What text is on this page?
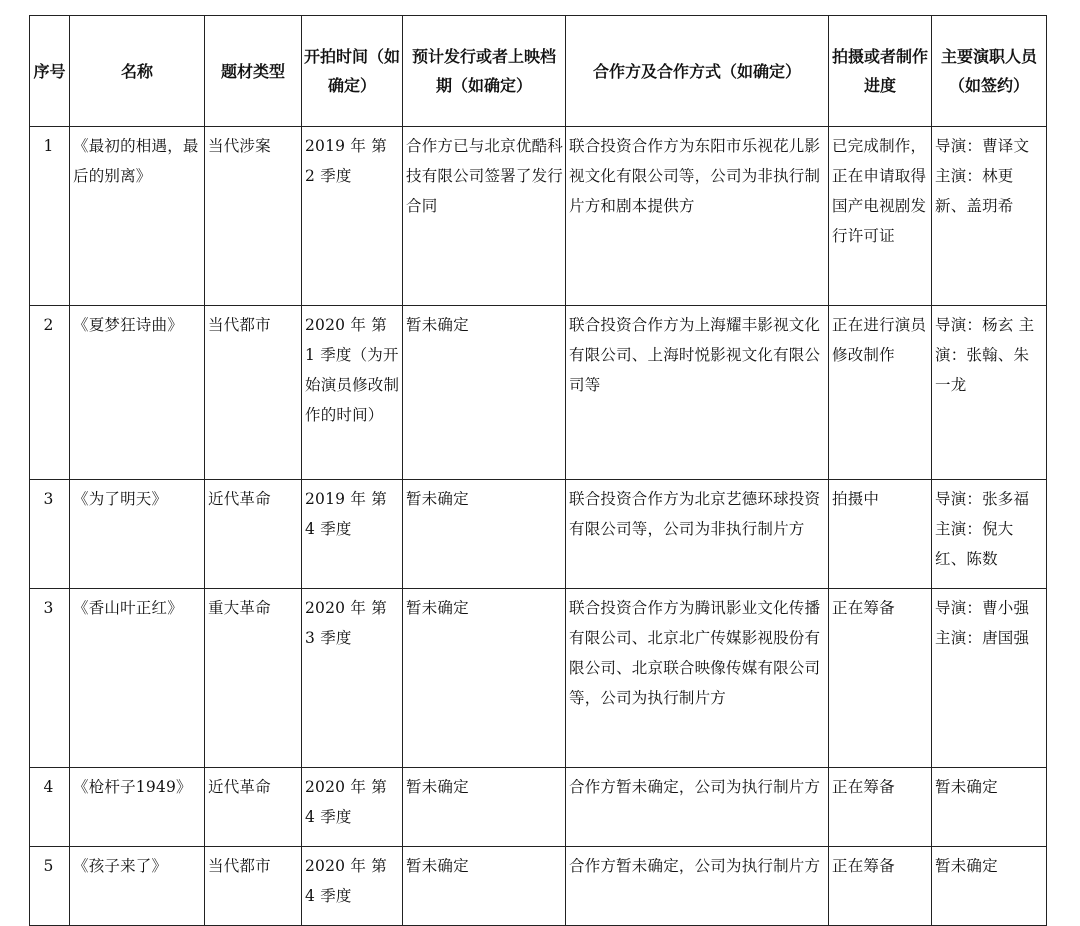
序号	名称	题材类型	开拍时间（如确定）	预计发行或者上映档期（如确定）	合作方及合作方式（如确定）	拍摄或者制作进度	主要演职人员（如签约）
1	《最初的相遇，最后的别离》	当代涉案	2019 年 第 2 季度	合作方已与北京优酷科技有限公司签署了发行合同	联合投资合作方为东阳市乐视花儿影视文化有限公司等，公司为非执行制片方和剧本提供方	已完成制作，正在申请取得国产电视剧发行许可证	导演：曹译文 主演：林更新、盖玥希
2	《夏梦狂诗曲》	当代都市	2020 年 第 1 季度（为开始演员修改制作的时间）	暂未确定	联合投资合作方为上海耀丰影视文化有限公司、上海时悦影视文化有限公司等	正在进行演员修改制作	导演：杨玄 主演：张翰、朱一龙
3	《为了明天》	近代革命	2019 年 第 4 季度	暂未确定	联合投资合作方为北京艺德环球投资有限公司等，公司为非执行制片方	拍摄中	导演：张多福 主演：倪大红、陈数
3	《香山叶正红》	重大革命	2020 年 第 3 季度	暂未确定	联合投资合作方为腾讯影业文化传播有限公司、北京北广传媒影视股份有限公司、北京联合映像传媒有限公司等，公司为执行制片方	正在筹备	导演：曹小强 主演：唐国强
4	《枪杆子1949》	近代革命	2020 年 第 4 季度	暂未确定	合作方暂未确定，公司为执行制片方	正在筹备	暂未确定
5	《孩子来了》	当代都市	2020 年 第 4 季度	暂未确定	合作方暂未确定，公司为执行制片方	正在筹备	暂未确定
